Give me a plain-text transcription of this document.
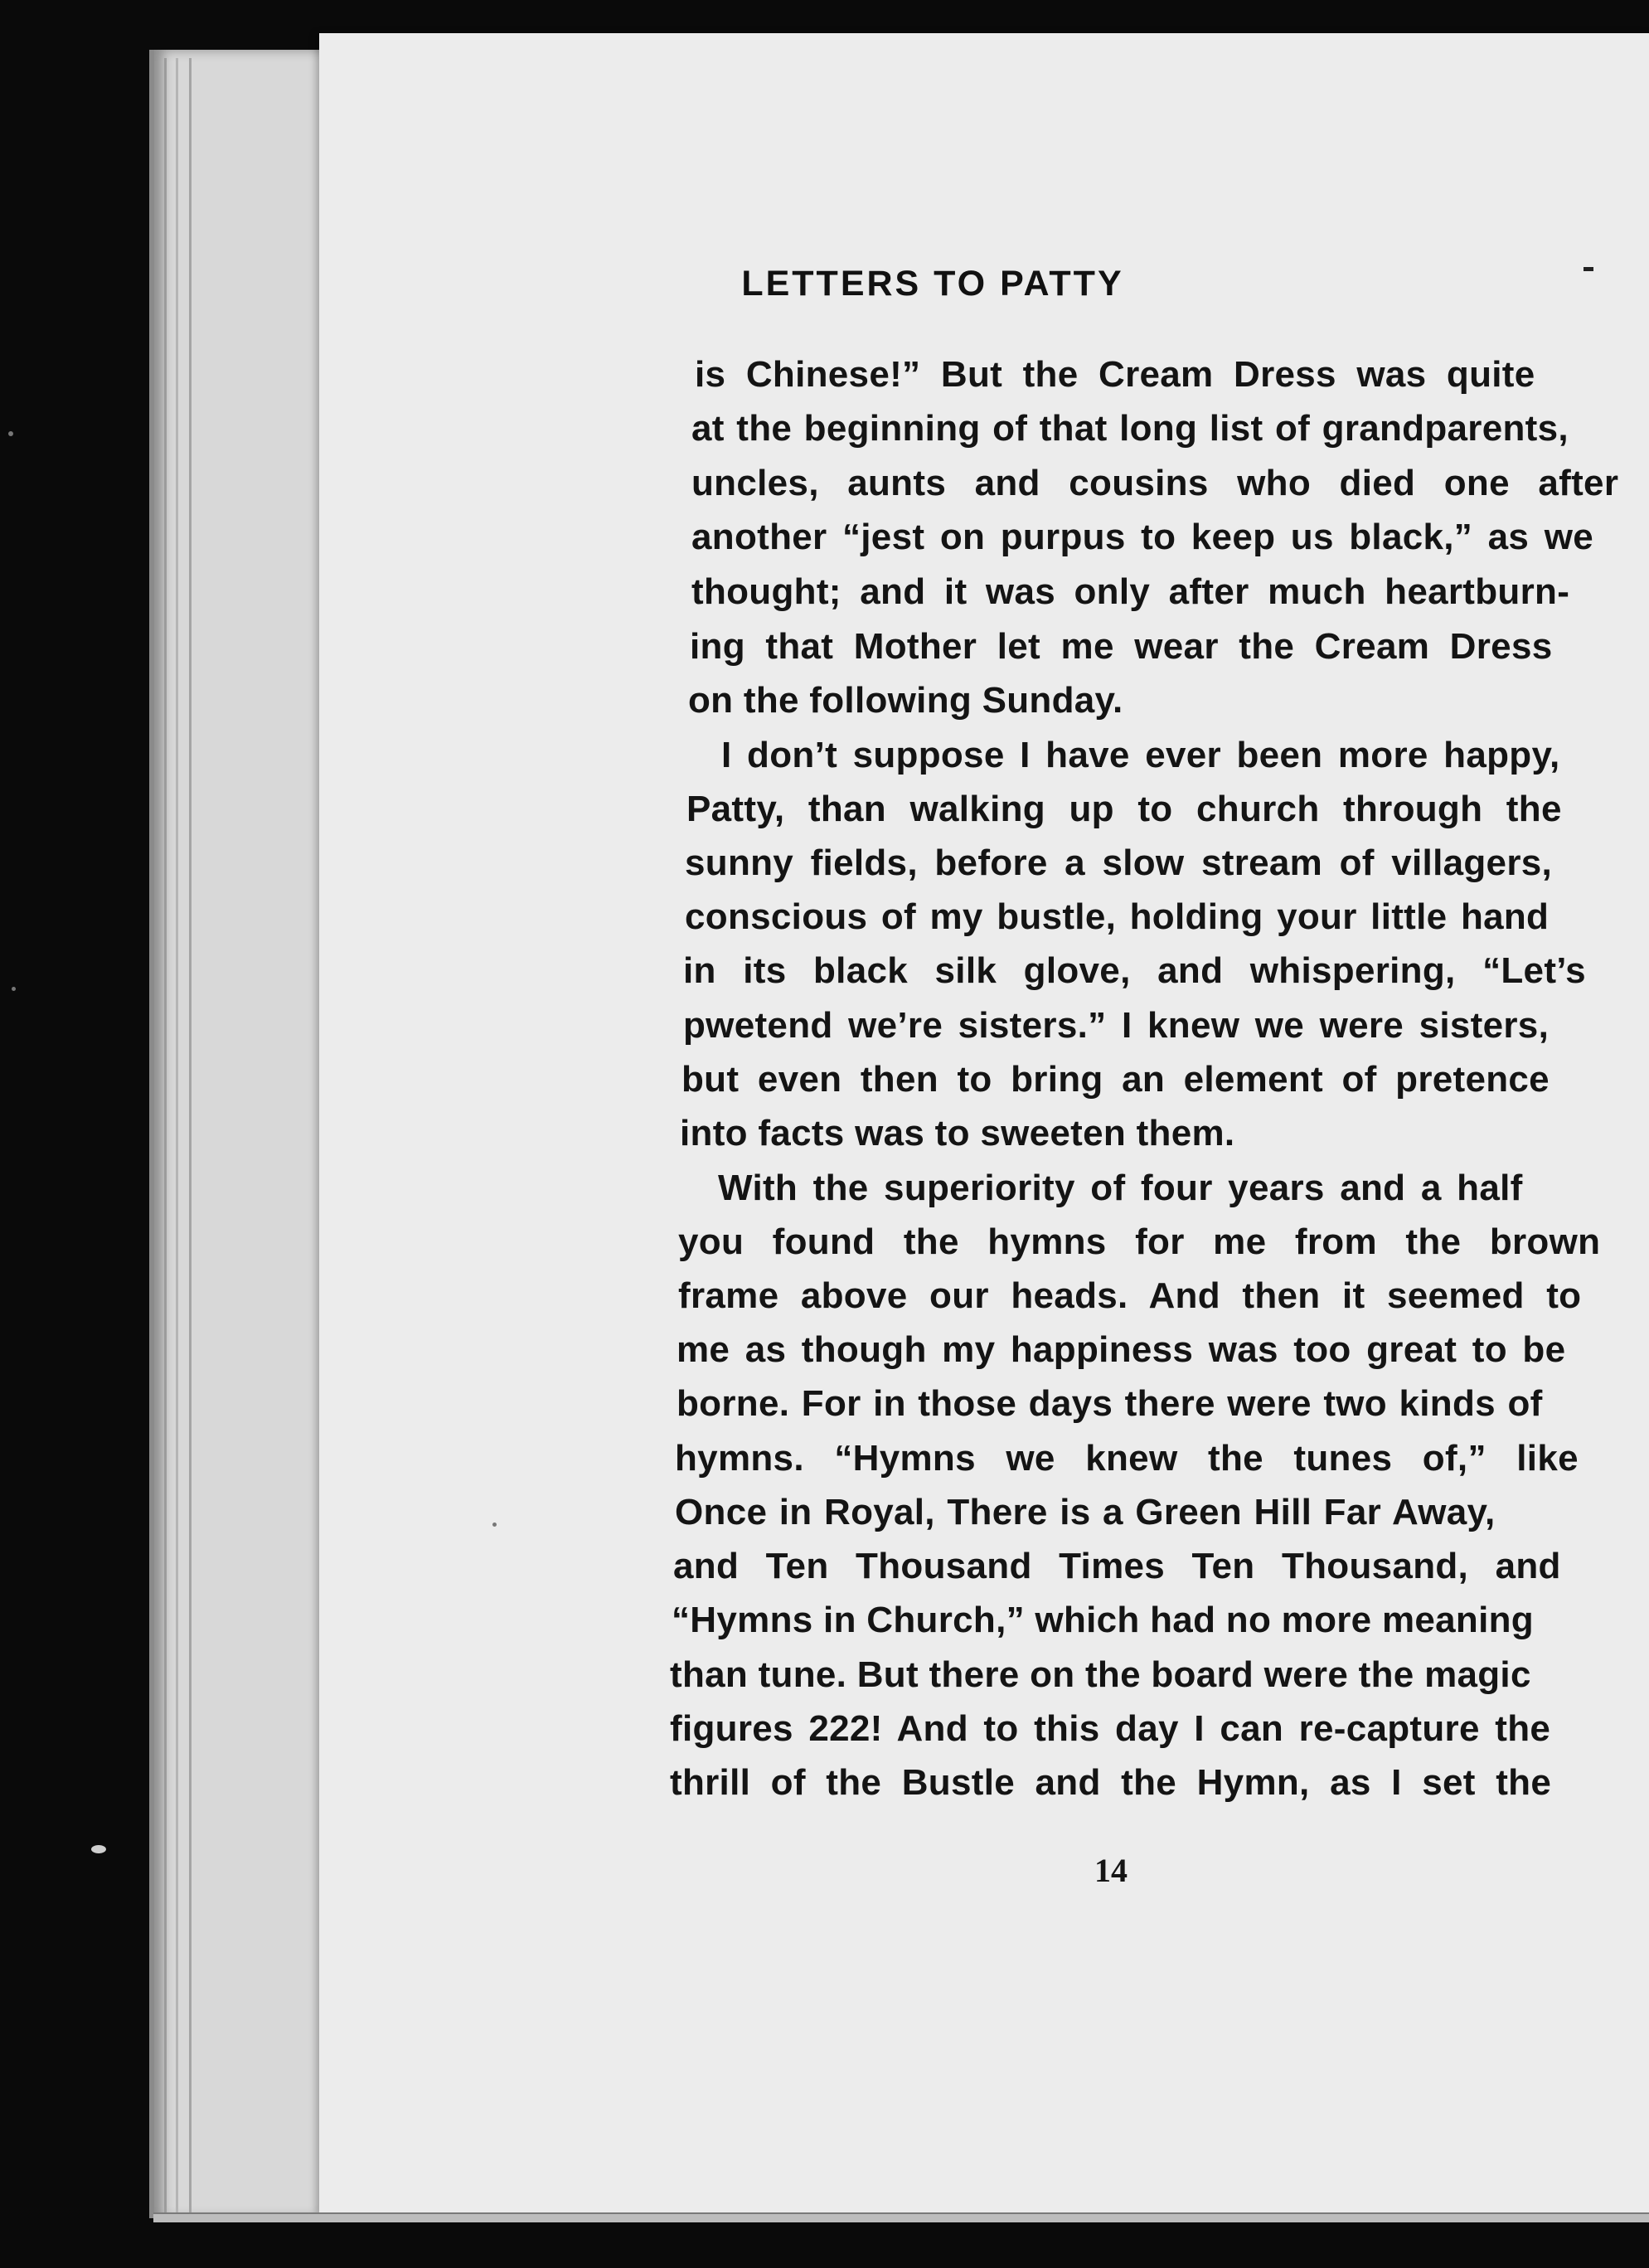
LETTERS TO PATTY
is Chinese!” But the Cream Dress was quite
at the beginning of that long list of grandparents,
uncles, aunts and cousins who died one after
another “jest on purpus to keep us black,” as we
thought; and it was only after much heartburn-
ing that Mother let me wear the Cream Dress
on the following Sunday.
I don’t suppose I have ever been more happy,
Patty, than walking up to church through the
sunny fields, before a slow stream of villagers,
conscious of my bustle, holding your little hand
in its black silk glove, and whispering, “Let’s
pwetend we’re sisters.” I knew we were sisters,
but even then to bring an element of pretence
into facts was to sweeten them.
With the superiority of four years and a half
you found the hymns for me from the brown
frame above our heads. And then it seemed to
me as though my happiness was too great to be
borne. For in those days there were two kinds of
hymns. “Hymns we knew the tunes of,” like
Once in Royal, There is a Green Hill Far Away,
and Ten Thousand Times Ten Thousand, and
“Hymns in Church,” which had no more meaning
than tune. But there on the board were the magic
figures 222! And to this day I can re-capture the
thrill of the Bustle and the Hymn, as I set the
14
